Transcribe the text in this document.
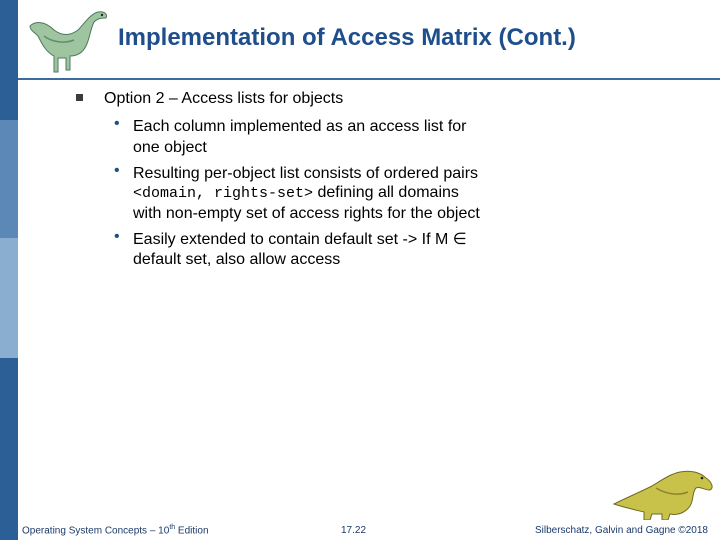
Implementation of Access Matrix (Cont.)
Option 2 – Access lists for objects
• Each column implemented as an access list for
one object
• Resulting per-object list consists of ordered pairs
<domain, rights-set> defining all domains
with non-empty set of access rights for the object
• Easily extended to contain default set -> If M ∈
default set, also allow access
Operating System Concepts – 10th Edition	17.22	Silberschatz, Galvin and Gagne ©2018
